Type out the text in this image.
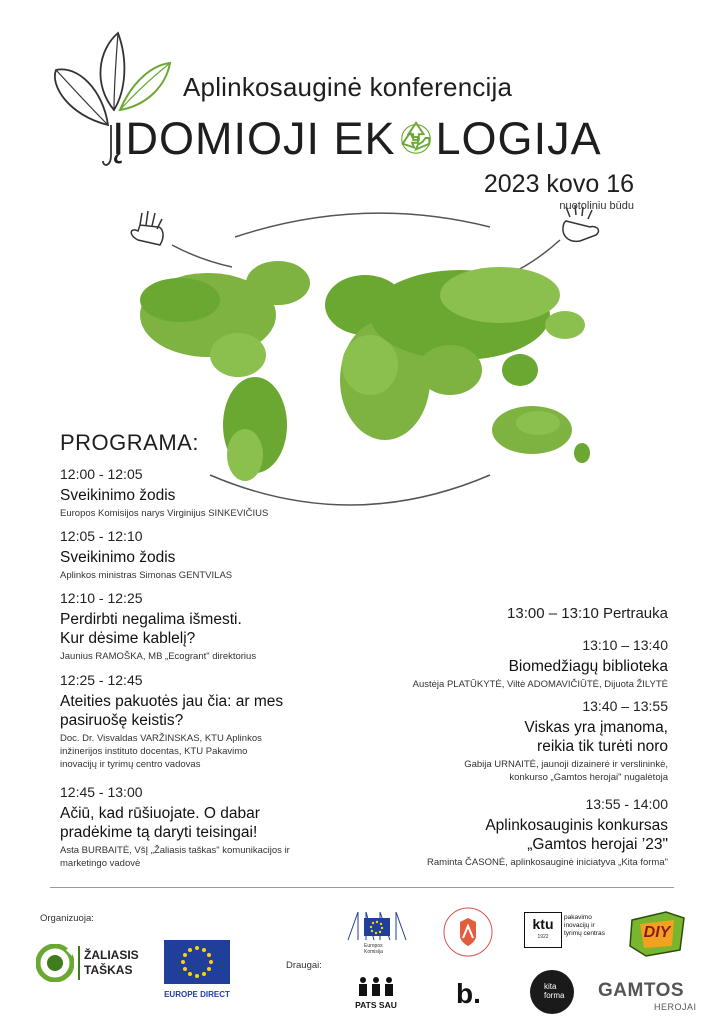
Aplinkosauginė konferencija
ĮDOMIOJI EK LOGIJA
2023 kovo 16
nuotoliniu būdu
PROGRAMA:
12:00 - 12:05
Sveikinimo žodis
Europos Komisijos narys Virginijus SINKEVIČIUS
12:05 - 12:10
Sveikinimo žodis
Aplinkos ministras Simonas GENTVILAS
12:10 - 12:25
Perdirbti negalima išmesti.
Kur dėsime kablelį?
Jaunius RAMOŠKA, MB „Ecogrant" direktorius
12:25 - 12:45
Ateities pakuotės jau čia: ar mes
pasiruošę keistis?
Doc. Dr. Visvaldas VARŽINSKAS, KTU Aplinkos
inžinerijos instituto docentas, KTU Pakavimo
inovacijų ir tyrimų centro vadovas
12:45 - 13:00
Ačiū, kad rūšiuojate. O dabar
pradėkime tą daryti teisingai!
Asta BURBAITĖ, VšĮ „Žaliasis taškas" komunikacijos ir
marketingo vadovė
13:00 – 13:10 Pertrauka
13:10 – 13:40
Biomedžiagų biblioteka
Austėja PLATŪKYTĖ, Viltė ADOMAVIČIŪTĖ, Dijuota ŽILYTĖ
13:40 – 13:55
Viskas yra įmanoma,
reikia tik turėti noro
Gabija URNAITĖ, jaunoji dizainerė ir verslininkė,
konkurso „Gamtos herojai" nugalėtoja
13:55 - 14:00
Aplinkosauginis konkursas
„Gamtos herojai ’23"
Raminta ČASONĖ, aplinkosauginė iniciatyva „Kita forma"
Organizuoja:
ŽALIASIS
TAŠKAS
EUROPE DIRECT
Draugai:
Europos
Komisija
ktu
1922
pakavimo
inovacijų ir
tyrimų centras DIY
PATS SAU b.	kita
forma GAMTOS
HEROJAI
